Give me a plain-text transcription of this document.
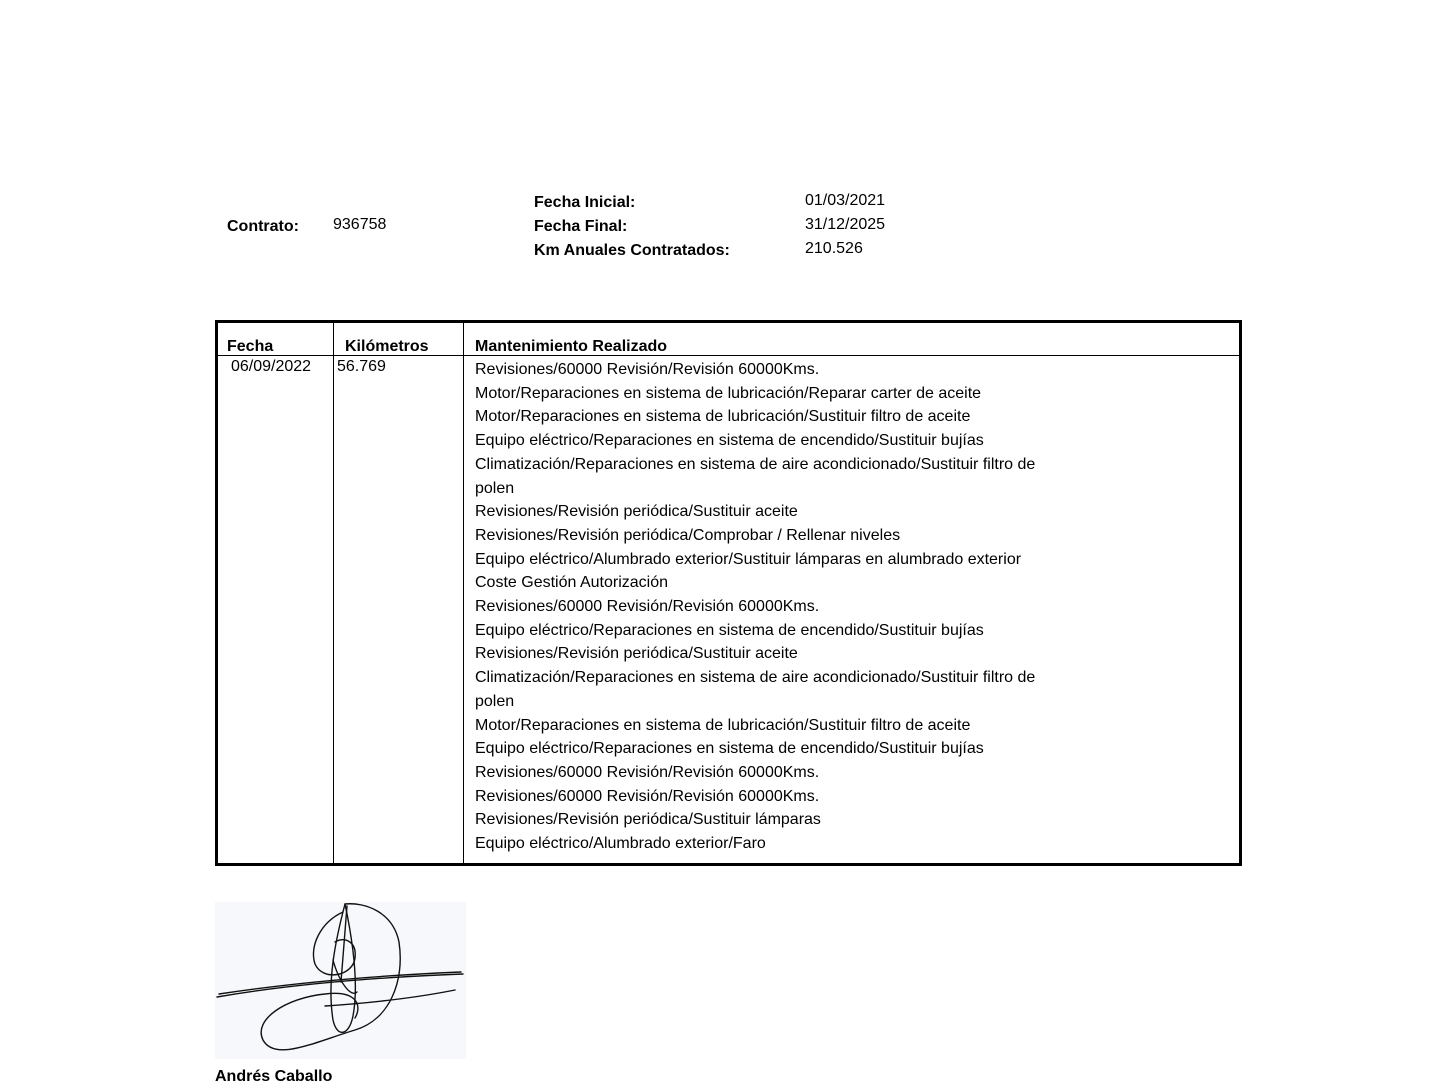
Contrato: 936758
Fecha Inicial:	01/03/2021
Fecha Final:	31/12/2025
Km Anuales Contratados:	210.526
Fecha	Kilómetros	Mantenimiento Realizado
06/09/2022 56.769	Revisiones/60000 Revisión/Revisión 60000Kms.
Motor/Reparaciones en sistema de lubricación/Reparar carter de aceite
Motor/Reparaciones en sistema de lubricación/Sustituir filtro de aceite
Equipo eléctrico/Reparaciones en sistema de encendido/Sustituir bujías
Climatización/Reparaciones en sistema de aire acondicionado/Sustituir filtro de
polen
Revisiones/Revisión periódica/Sustituir aceite
Revisiones/Revisión periódica/Comprobar / Rellenar niveles
Equipo eléctrico/Alumbrado exterior/Sustituir lámparas en alumbrado exterior
Coste Gestión Autorización
Revisiones/60000 Revisión/Revisión 60000Kms.
Equipo eléctrico/Reparaciones en sistema de encendido/Sustituir bujías
Revisiones/Revisión periódica/Sustituir aceite
Climatización/Reparaciones en sistema de aire acondicionado/Sustituir filtro de
polen
Motor/Reparaciones en sistema de lubricación/Sustituir filtro de aceite
Equipo eléctrico/Reparaciones en sistema de encendido/Sustituir bujías
Revisiones/60000 Revisión/Revisión 60000Kms.
Revisiones/60000 Revisión/Revisión 60000Kms.
Revisiones/Revisión periódica/Sustituir lámparas
Equipo eléctrico/Alumbrado exterior/Faro
Andrés Caballo
